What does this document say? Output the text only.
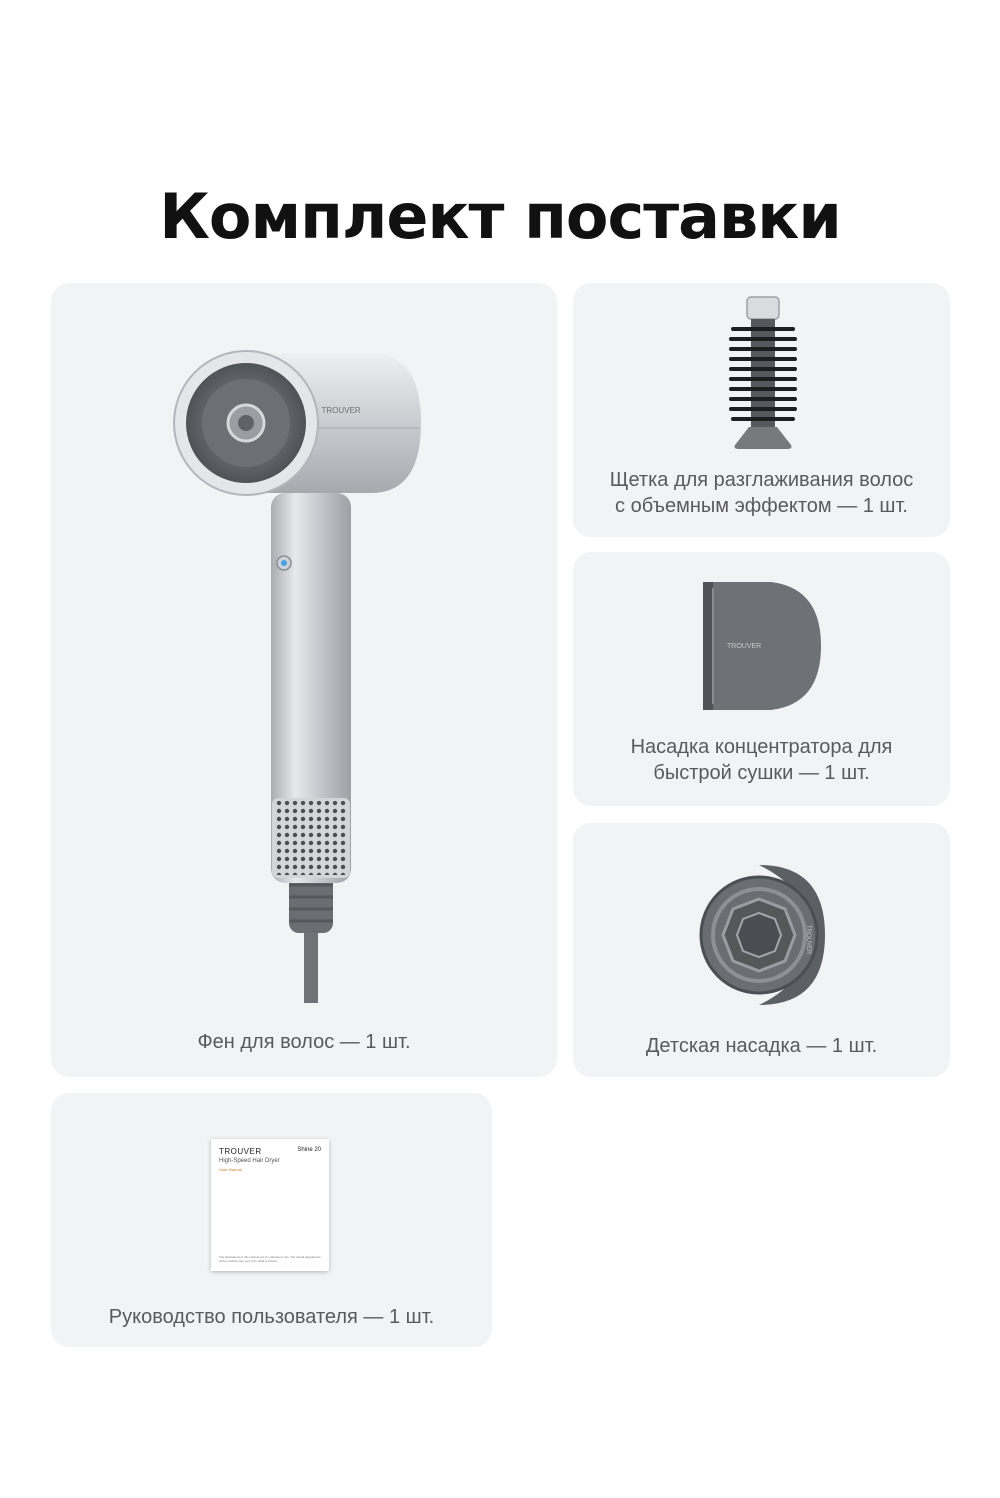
Комплект поставки
TROUVER
Фен для волос — 1 шт.
Щетка для разглаживания волос
с объемным эффектом — 1 шт.
TROUVER
Насадка концентратора для
быстрой сушки — 1 шт.
TROUVER
Детская насадка — 1 шт.
TROUVER	Shine 20
High-Speed Hair Dryer
User Manual
The illustrations in this manual are for reference only. The actual appearance of the product may vary from what is shown.
Руководство пользователя — 1 шт.
